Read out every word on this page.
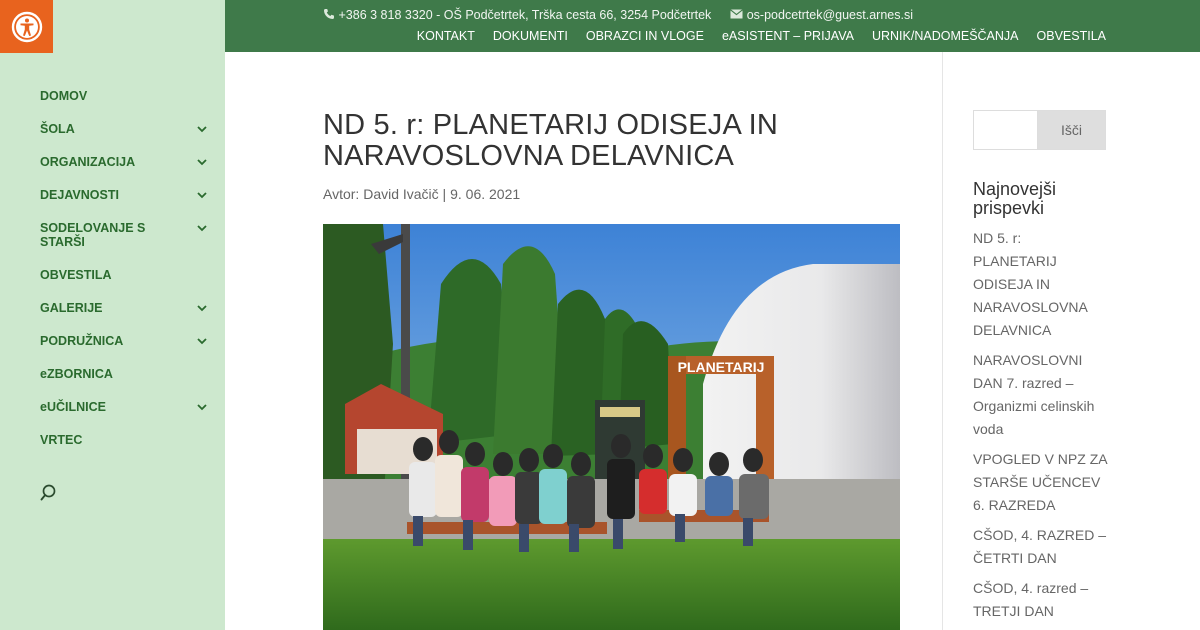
DOMOV
ŠOLA
ORGANIZACIJA
DEJAVNOSTI
SODELOVANJE S STARŠI
OBVESTILA
GALERIJE
PODRUŽNICA
eZBORNICA
eUČILNICE
VRTEC
+386 3 818 3320 - OŠ Podčetrtek, Trška cesta 66, 3254 Podčetrtek	os-podcetrtek@guest.arnes.si
KONTAKT DOKUMENTI OBRAZCI IN VLOGE eASISTENT – PRIJAVA URNIK/NADOMEŠČANJA OBVESTILA
ND 5. r: PLANETARIJ ODISEJA IN NARAVOSLOVNA DELAVNICA
Avtor: David Ivačič | 9. 06. 2021
PLANETARIJ
Išči
Najnovejši prispevki
ND 5. r: PLANETARIJ ODISEJA IN NARAVOSLOVNA DELAVNICA
NARAVOSLOVNI DAN 7. razred – Organizmi celinskih voda
VPOGLED V NPZ ZA STARŠE UČENCEV 6. RAZREDA
CŠOD, 4. RAZRED – ČETRTI DAN
CŠOD, 4. razred – TRETJI DAN
